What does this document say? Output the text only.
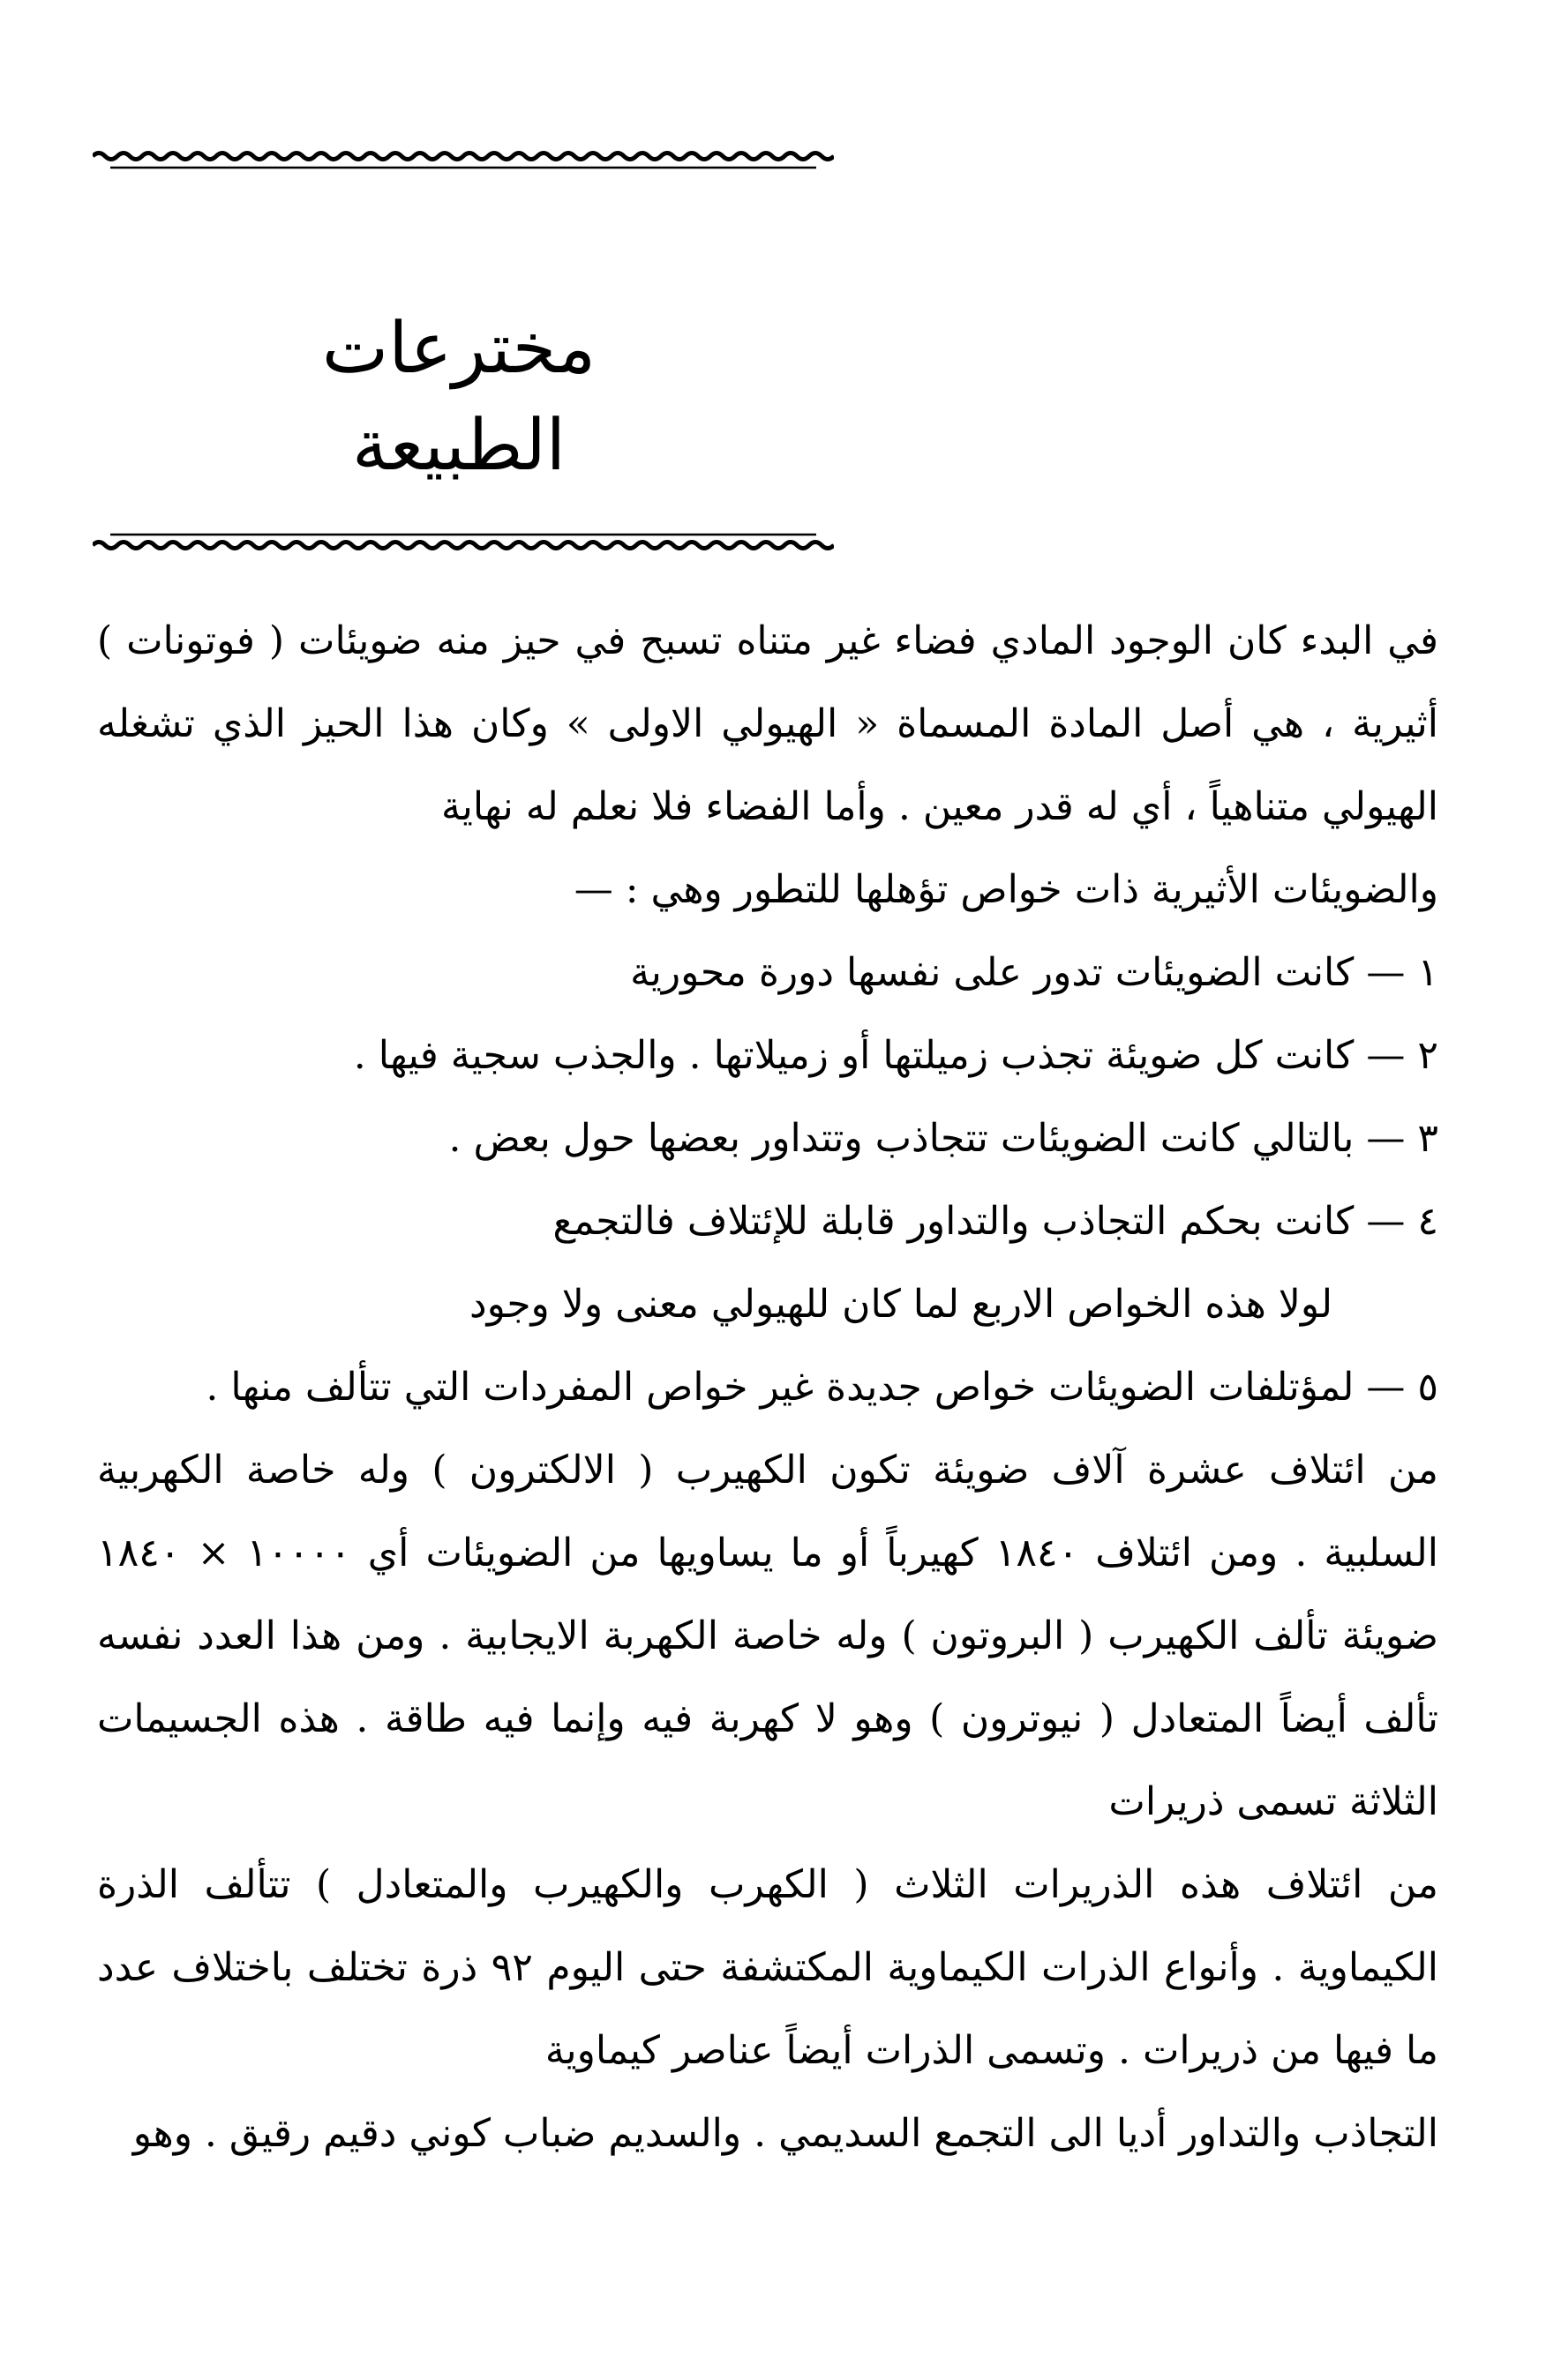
مخترعات الطبيعة

في البدء كان الوجود المادي فضاء غير متناه تسبح في حيز منه ضويئات ( فوتونات ) أثيرية ، هي أصل المادة المسماة « الهيولي الاولى » وكان هذا الحيز الذي تشغله الهيولي متناهياً ، أي له قدر معين . وأما الفضاء فلا نعلم له نهاية

والضويئات الأثيرية ذات خواص تؤهلها للتطور وهي : —

١ — كانت الضويئات تدور على نفسها دورة محورية

٢ — كانت كل ضويئة تجذب زميلتها أو زميلاتها . والجذب سجية فيها .

٣ — بالتالي كانت الضويئات تتجاذب وتتداور بعضها حول بعض .

٤ — كانت بحكم التجاذب والتداور قابلة للإئتلاف فالتجمع

لولا هذه الخواص الاربع لما كان للهيولي معنى ولا وجود

٥ — لمؤتلفات الضويئات خواص جديدة غير خواص المفردات التي تتألف منها .

من ائتلاف عشرة آلاف ضويئة تكون الكهيرب ( الالكترون ) وله خاصة الكهربية السلبية . ومن ائتلاف ١٨٤٠ كهيرباً أو ما يساويها من الضويئات أي ١٠٠٠٠ × ١٨٤٠ ضويئة تألف الكهيرب ( البروتون ) وله خاصة الكهربة الايجابية . ومن هذا العدد نفسه تألف أيضاً المتعادل ( نيوترون ) وهو لا كهربة فيه وإنما فيه طاقة . هذه الجسيمات الثلاثة تسمى ذريرات

من ائتلاف هذه الذريرات الثلاث ( الكهرب والكهيرب والمتعادل ) تتألف الذرة الكيماوية . وأنواع الذرات الكيماوية المكتشفة حتى اليوم ٩٢ ذرة تختلف باختلاف عدد ما فيها من ذريرات . وتسمى الذرات أيضاً عناصر كيماوية

التجاذب والتداور أديا الى التجمع السديمي . والسديم ضباب كوني دقيم رقيق . وهو
